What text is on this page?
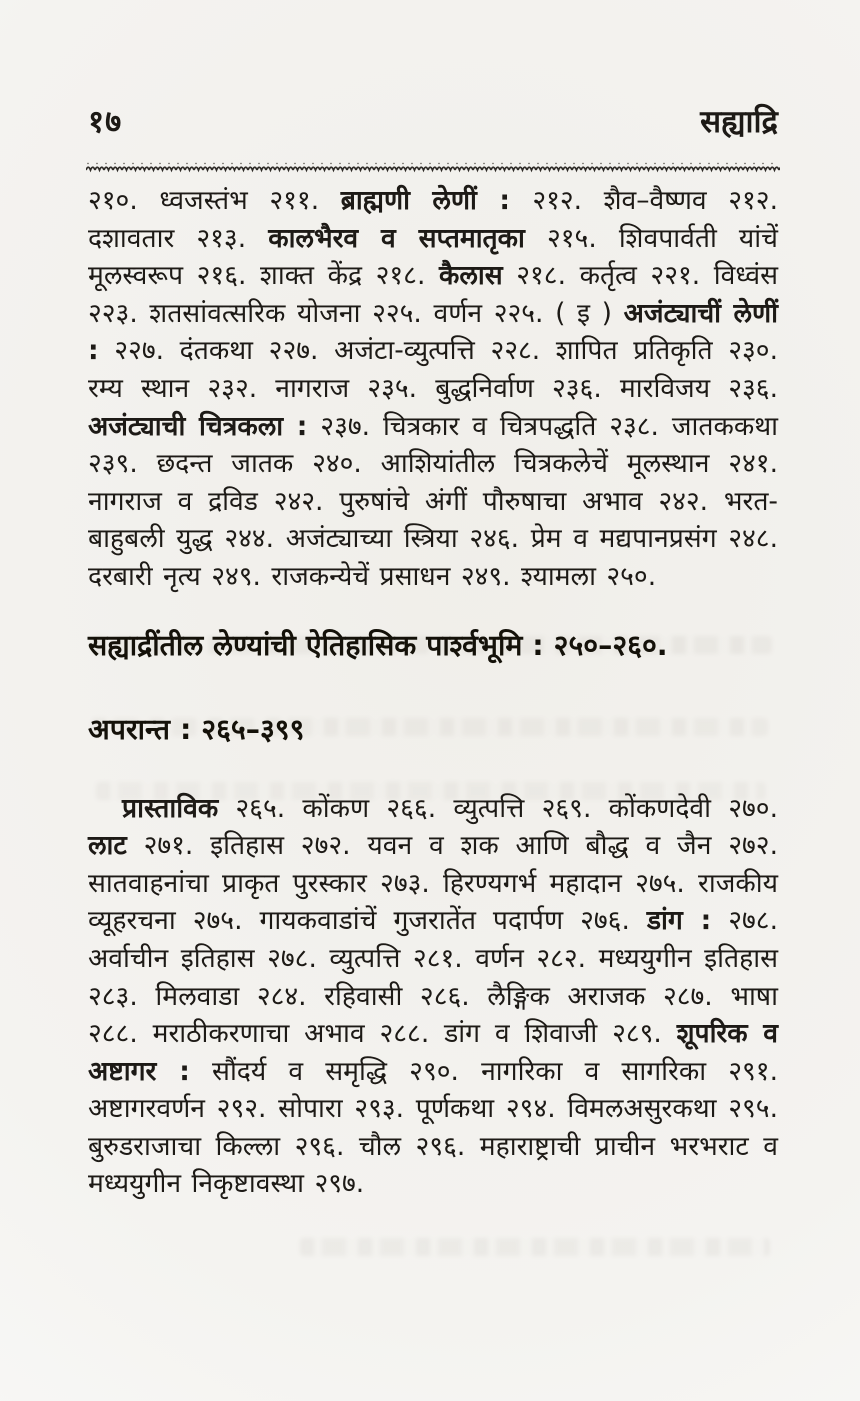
१७	सह्याद्रि

२१०. ध्वजस्तंभ २११. ब्राह्मणी लेणीं : २१२. शैव–वैष्णव २१२. दशावतार २१३. कालभैरव व सप्तमातृका २१५. शिवपार्वती यांचें मूलस्वरूप २१६. शाक्त केंद्र २१८. कैलास २१८. कर्तृत्व २२१. विध्वंस २२३. शतसांवत्सरिक योजना २२५. वर्णन २२५. ( इ ) अजंट्याचीं लेणीं : २२७. दंतकथा २२७. अजंटा-व्युत्पत्ति २२८. शापित प्रतिकृति २३०. रम्य स्थान २३२. नागराज २३५. बुद्धनिर्वाण २३६. मारविजय २३६. अजंट्याची चित्रकला : २३७. चित्रकार व चित्रपद्धति २३८. जातककथा २३९. छदन्त जातक २४०. आशियांतील चित्रकलेचें मूलस्थान २४१. नागराज व द्रविड २४२. पुरुषांचे अंगीं पौरुषाचा अभाव २४२. भरत-बाहुबली युद्ध २४४. अजंट्याच्या स्त्रिया २४६. प्रेम व मद्यपानप्रसंग २४८. दरबारी नृत्य २४९. राजकन्येचें प्रसाधन २४९. श्यामला २५०.

सह्याद्रींतील लेण्यांची ऐतिहासिक पार्श्वभूमि : २५०–२६०.
अपरान्त : २६५–३९९

प्रास्ताविक २६५. कोंकण २६६. व्युत्पत्ति २६९. कोंकणदेवी २७०. लाट २७१. इतिहास २७२. यवन व शक आणि बौद्ध व जैन २७२. सातवाहनांचा प्राकृत पुरस्कार २७३. हिरण्यगर्भ महादान २७५. राजकीय व्यूहरचना २७५. गायकवाडांचें गुजरातेंत पदार्पण २७६. डांग : २७८. अर्वाचीन इतिहास २७८. व्युत्पत्ति २८१. वर्णन २८२. मध्ययुगीन इतिहास २८३. मिलवाडा २८४. रहिवासी २८६. लैङ्गिक अराजक २८७. भाषा २८८. मराठीकरणाचा अभाव २८८. डांग व शिवाजी २८९. शूपरिक व अष्टागर : सौंदर्य व समृद्धि २९०. नागरिका व सागरिका २९१. अष्टागरवर्णन २९२. सोपारा २९३. पूर्णकथा २९४. विमलअसुरकथा २९५. बुरुडराजाचा किल्ला २९६. चौल २९६. महाराष्ट्राची प्राचीन भरभराट व मध्ययुगीन निकृष्टावस्था २९७.
